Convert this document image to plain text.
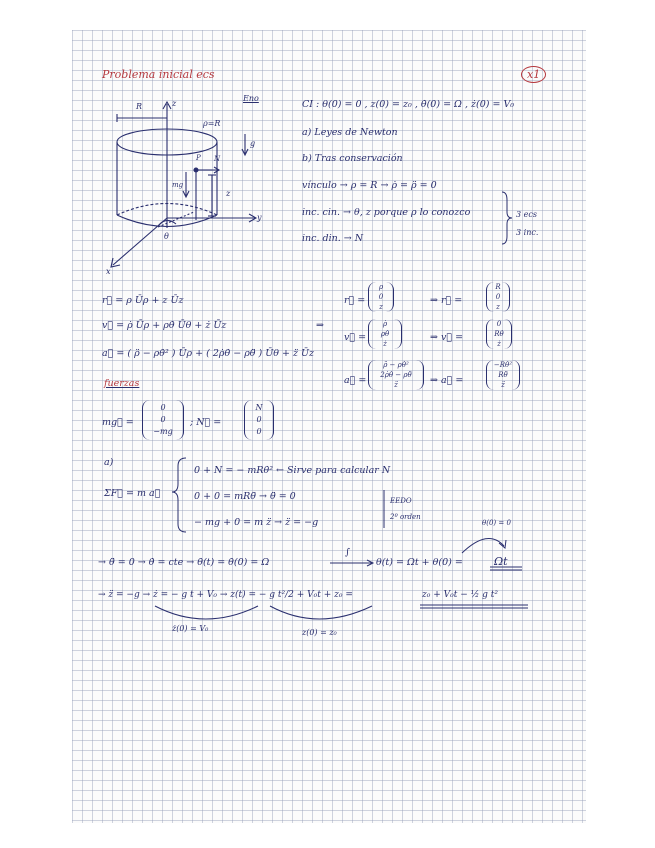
Problema inicial ecs	x1
R	z
ρ=R
P N
g
mg
z
y
θ
x
Eno
CI : θ(0) = 0 , z(0) = z₀ , θ̇(0) = Ω , ż(0) = V₀
a) Leyes de Newton
b) Tras conservación
vínculo → ρ = R → ρ̇ = ρ̈ = 0
inc. cin. → θ, z porque ρ lo conozco
inc. din. → N
3 ecs
3 inc.
r⃗ = ρ Ūρ + z Ūz
v⃗ = ρ̇ Ūρ + ρθ̇ Ūθ + ż Ūz
a⃗ = ( ρ̈ − ρθ̇² ) Ūρ + ( 2ρ̇θ̇ − ρθ̈ ) Ūθ + z̈ Ūz
⇒
fuerzas
mg⃗ =
0
0
−mg
; N⃗ =
N
0
0
r⃗ =
ρ
0
z
⇒ r⃗ =
R
0
z
v⃗ =
ρ̇
ρθ̇
ż
⇒ v⃗ =
0
Rθ̇
ż
a⃗ =
ρ̈ − ρθ̇²
2ρ̇θ̇ − ρθ̈
z̈	⇒ a⃗ =
−Rθ̇²
Rθ̈
z̈
a)
ΣF⃗ = m a⃗
0 + N = − mRθ̇² ← Sirve para calcular N
0 + 0 = mRθ̈ → θ̈ = 0
− mg + 0 = m z̈ → z̈ = −g
EEDO
2º orden
θ(0) = 0
→ θ̈ = 0 → θ̇ = cte → θ̇(t) = θ̇(0) = Ω
∫
θ(t) = Ωt + θ(0) =	Ωt
→ z̈ = −g → ż = − g t + V₀ → z(t) = − g t²/2 + V₀t + z₀ =	z₀ + V₀t − ½ g t²
ż(0) = V₀	z(0) = z₀
